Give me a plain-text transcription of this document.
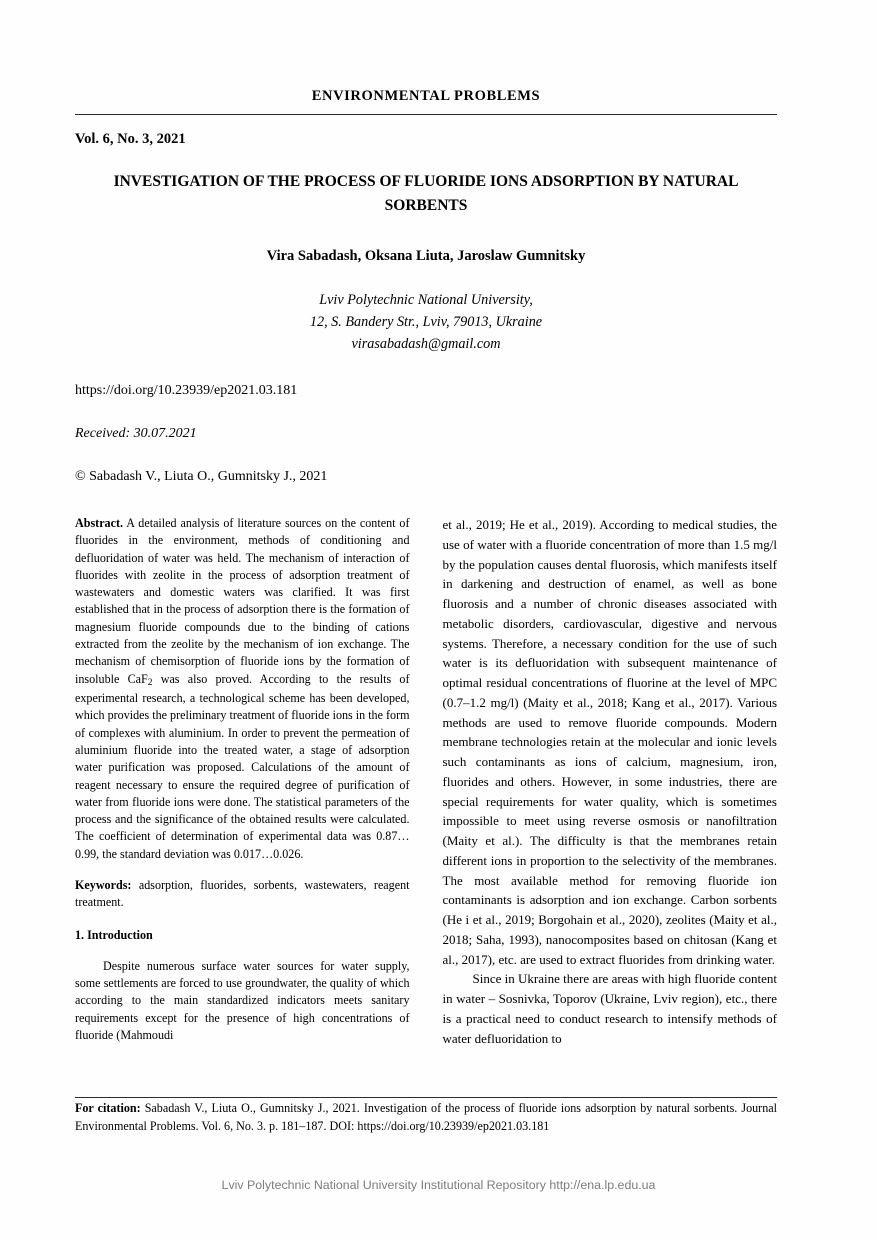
ENVIRONMENTAL PROBLEMS
Vol. 6, No. 3, 2021
INVESTIGATION OF THE PROCESS OF FLUORIDE IONS ADSORPTION BY NATURAL SORBENTS
Vira Sabadash, Oksana Liuta, Jaroslaw Gumnitsky
Lviv Polytechnic National University,
12, S. Bandery Str., Lviv, 79013, Ukraine
virasabadash@gmail.com
https://doi.org/10.23939/ep2021.03.181
Received: 30.07.2021
© Sabadash V., Liuta O., Gumnitsky J., 2021

Abstract. A detailed analysis of literature sources on the content of fluorides in the environment, methods of conditioning and defluoridation of water was held. The mechanism of interaction of fluorides with zeolite in the process of adsorption treatment of wastewaters and domestic waters was clarified. It was first established that in the process of adsorption there is the formation of magnesium fluoride compounds due to the binding of cations extracted from the zeolite by the mechanism of ion exchange. The mechanism of chemisorption of fluoride ions by the formation of insoluble CaF$_2$ was also proved. According to the results of experimental research, a technological scheme has been developed, which provides the preliminary treatment of fluoride ions in the form of complexes with aluminium. In order to prevent the permeation of aluminium fluoride into the treated water, a stage of adsorption water purification was proposed. Calculations of the amount of reagent necessary to ensure the required degree of purification of water from fluoride ions were done. The statistical parameters of the process and the significance of the obtained results were calculated. The coefficient of determination of experimental data was 0.87…0.99, the standard deviation was 0.017…0.026.

Keywords: adsorption, fluorides, sorbents, wastewaters, reagent treatment.

1. Introduction

Despite numerous surface water sources for water supply, some settlements are forced to use groundwater, the quality of which according to the main standardized indicators meets sanitary requirements except for the presence of high concentrations of fluoride (Mahmoudi

et al., 2019; He et al., 2019). According to medical studies, the use of water with a fluoride concentration of more than 1.5 mg/l by the population causes dental fluorosis, which manifests itself in darkening and destruction of enamel, as well as bone fluorosis and a number of chronic diseases associated with metabolic disorders, cardiovascular, digestive and nervous systems. Therefore, a necessary condition for the use of such water is its defluoridation with subsequent maintenance of optimal residual concentrations of fluorine at the level of MPC (0.7–1.2 mg/l) (Maity et al., 2018; Kang et al., 2017). Various methods are used to remove fluoride compounds. Modern membrane technologies retain at the molecular and ionic levels such contaminants as ions of calcium, magnesium, iron, fluorides and others. However, in some industries, there are special requirements for water quality, which is sometimes impossible to meet using reverse osmosis or nanofiltration (Maity et al.). The difficulty is that the membranes retain different ions in proportion to the selectivity of the membranes. The most available method for removing fluoride ion contaminants is adsorption and ion exchange. Carbon sorbents (He i et al., 2019; Borgohain et al., 2020), zeolites (Maity et al., 2018; Saha, 1993), nanocomposites based on chitosan (Kang et al., 2017), etc. are used to extract fluorides from drinking water.

Since in Ukraine there are areas with high fluoride content in water – Sosnivka, Toporov (Ukraine, Lviv region), etc., there is a practical need to conduct research to intensify methods of water defluoridation to

For citation: Sabadash V., Liuta O., Gumnitsky J., 2021. Investigation of the process of fluoride ions adsorption by natural sorbents. Journal Environmental Problems. Vol. 6, No. 3. p. 181–187. DOI: https://doi.org/10.23939/ep2021.03.181
Lviv Polytechnic National University Institutional Repository http://ena.lp.edu.ua
